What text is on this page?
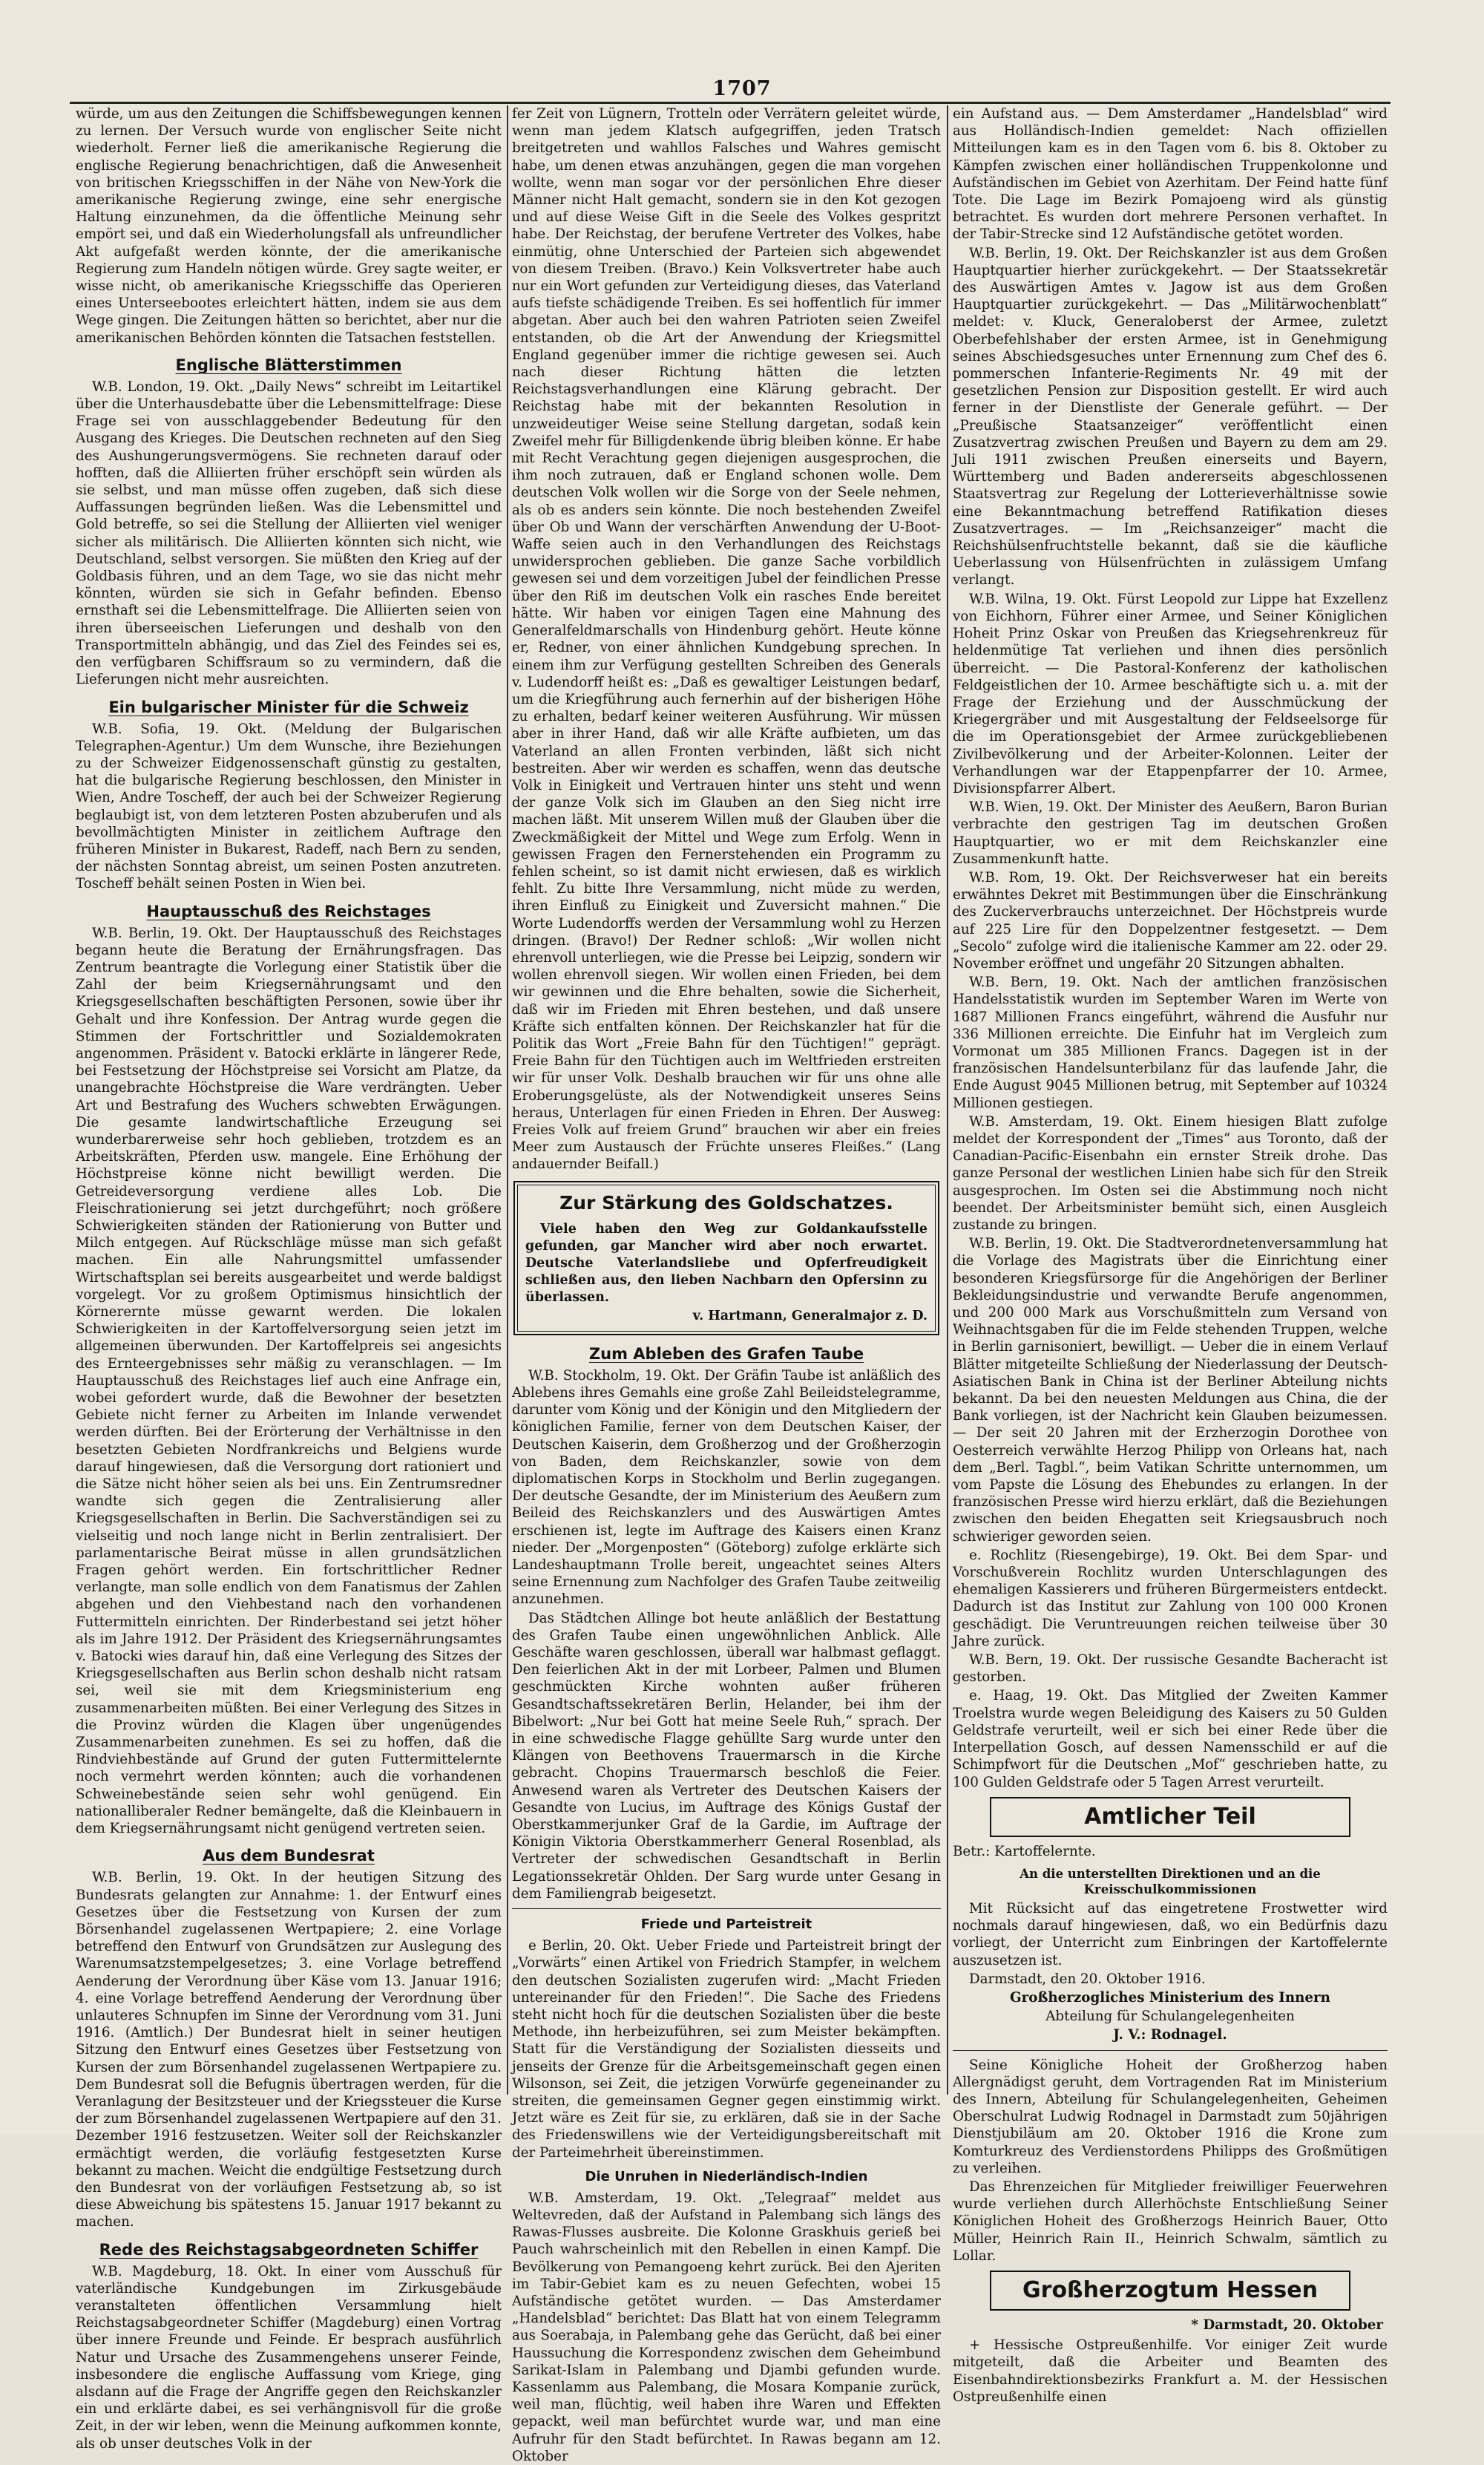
1707

würde, um aus den Zeitungen die Schiffsbewegungen kennen zu lernen. Der Versuch wurde von englischer Seite nicht wiederholt. Ferner ließ die amerikanische Regierung die englische Regierung benachrichtigen, daß die Anwesenheit von britischen Kriegsschiffen in der Nähe von New-York die amerikanische Regierung zwinge, eine sehr energische Haltung einzunehmen, da die öffentliche Meinung sehr empört sei, und daß ein Wiederholungsfall als unfreundlicher Akt aufgefaßt werden könnte, der die amerikanische Regierung zum Handeln nötigen würde. Grey sagte weiter, er wisse nicht, ob amerikanische Kriegsschiffe das Operieren eines Unterseebootes erleichtert hätten, indem sie aus dem Wege gingen. Die Zeitungen hätten so berichtet, aber nur die amerikanischen Behörden könnten die Tatsachen feststellen.

Englische Blätterstimmen

W.B. London, 19. Okt. „Daily News“ schreibt im Leitartikel über die Unterhausdebatte über die Lebensmittelfrage: Diese Frage sei von ausschlaggebender Bedeutung für den Ausgang des Krieges. Die Deutschen rechneten auf den Sieg des Aushungerungsvermögens. Sie rechneten darauf oder hofften, daß die Alliierten früher erschöpft sein würden als sie selbst, und man müsse offen zugeben, daß sich diese Auffassungen begründen ließen. Was die Lebensmittel und Gold betreffe, so sei die Stellung der Alliierten viel weniger sicher als militärisch. Die Alliierten könnten sich nicht, wie Deutschland, selbst versorgen. Sie müßten den Krieg auf der Goldbasis führen, und an dem Tage, wo sie das nicht mehr könnten, würden sie sich in Gefahr befinden. Ebenso ernsthaft sei die Lebensmittelfrage. Die Alliierten seien von ihren überseeischen Lieferungen und deshalb von den Transportmitteln abhängig, und das Ziel des Feindes sei es, den verfügbaren Schiffsraum so zu vermindern, daß die Lieferungen nicht mehr ausreichten.

Ein bulgarischer Minister für die Schweiz

W.B. Sofia, 19. Okt. (Meldung der Bulgarischen Telegraphen-Agentur.) Um dem Wunsche, ihre Beziehungen zu der Schweizer Eidgenossenschaft günstig zu gestalten, hat die bulgarische Regierung beschlossen, den Minister in Wien, Andre Toscheff, der auch bei der Schweizer Regierung beglaubigt ist, von dem letzteren Posten abzuberufen und als bevollmächtigten Minister in zeitlichem Auftrage den früheren Minister in Bukarest, Radeff, nach Bern zu senden, der nächsten Sonntag abreist, um seinen Posten anzutreten. Toscheff behält seinen Posten in Wien bei.

Hauptausschuß des Reichstages

W.B. Berlin, 19. Okt. Der Hauptausschuß des Reichstages begann heute die Beratung der Ernährungsfragen. Das Zentrum beantragte die Vorlegung einer Statistik über die Zahl der beim Kriegsernährungsamt und den Kriegsgesellschaften beschäftigten Personen, sowie über ihr Gehalt und ihre Konfession. Der Antrag wurde gegen die Stimmen der Fortschrittler und Sozialdemokraten angenommen. Präsident v. Batocki erklärte in längerer Rede, bei Festsetzung der Höchstpreise sei Vorsicht am Platze, da unangebrachte Höchstpreise die Ware verdrängten. Ueber Art und Bestrafung des Wuchers schwebten Erwägungen. Die gesamte landwirtschaftliche Erzeugung sei wunderbarerweise sehr hoch geblieben, trotzdem es an Arbeitskräften, Pferden usw. mangele. Eine Erhöhung der Höchstpreise könne nicht bewilligt werden. Die Getreideversorgung verdiene alles Lob. Die Fleischrationierung sei jetzt durchgeführt; noch größere Schwierigkeiten ständen der Rationierung von Butter und Milch entgegen. Auf Rückschläge müsse man sich gefaßt machen. Ein alle Nahrungsmittel umfassender Wirtschaftsplan sei bereits ausgearbeitet und werde baldigst vorgelegt. Vor zu großem Optimismus hinsichtlich der Körnerernte müsse gewarnt werden. Die lokalen Schwierigkeiten in der Kartoffelversorgung seien jetzt im allgemeinen überwunden. Der Kartoffelpreis sei angesichts des Ernteergebnisses sehr mäßig zu veranschlagen. — Im Hauptausschuß des Reichstages lief auch eine Anfrage ein, wobei gefordert wurde, daß die Bewohner der besetzten Gebiete nicht ferner zu Arbeiten im Inlande verwendet werden dürften. Bei der Erörterung der Verhältnisse in den besetzten Gebieten Nordfrankreichs und Belgiens wurde darauf hingewiesen, daß die Versorgung dort rationiert und die Sätze nicht höher seien als bei uns. Ein Zentrumsredner wandte sich gegen die Zentralisierung aller Kriegsgesellschaften in Berlin. Die Sachverständigen sei zu vielseitig und noch lange nicht in Berlin zentralisiert. Der parlamentarische Beirat müsse in allen grundsätzlichen Fragen gehört werden. Ein fortschrittlicher Redner verlangte, man solle endlich von dem Fanatismus der Zahlen abgehen und den Viehbestand nach den vorhandenen Futtermitteln einrichten. Der Rinderbestand sei jetzt höher als im Jahre 1912. Der Präsident des Kriegsernährungsamtes v. Batocki wies darauf hin, daß eine Verlegung des Sitzes der Kriegsgesellschaften aus Berlin schon deshalb nicht ratsam sei, weil sie mit dem Kriegsministerium eng zusammenarbeiten müßten. Bei einer Verlegung des Sitzes in die Provinz würden die Klagen über ungenügendes Zusammenarbeiten zunehmen. Es sei zu hoffen, daß die Rindviehbestände auf Grund der guten Futtermittelernte noch vermehrt werden könnten; auch die vorhandenen Schweinebestände seien sehr wohl genügend. Ein nationalliberaler Redner bemängelte, daß die Kleinbauern in dem Kriegsernährungsamt nicht genügend vertreten seien.

Aus dem Bundesrat

W.B. Berlin, 19. Okt. In der heutigen Sitzung des Bundesrats gelangten zur Annahme: 1. der Entwurf eines Gesetzes über die Festsetzung von Kursen der zum Börsenhandel zugelassenen Wertpapiere; 2. eine Vorlage betreffend den Entwurf von Grundsätzen zur Auslegung des Warenumsatzstempelgesetzes; 3. eine Vorlage betreffend Aenderung der Verordnung über Käse vom 13. Januar 1916; 4. eine Vorlage betreffend Aenderung der Verordnung über unlauteres Schnupfen im Sinne der Verordnung vom 31. Juni 1916. (Amtlich.) Der Bundesrat hielt in seiner heutigen Sitzung den Entwurf eines Gesetzes über Festsetzung von Kursen der zum Börsenhandel zugelassenen Wertpapiere zu. Dem Bundesrat soll die Befugnis übertragen werden, für die Veranlagung der Besitzsteuer und der Kriegssteuer die Kurse der zum Börsenhandel zugelassenen Wertpapiere auf den 31. Dezember 1916 festzusetzen. Weiter soll der Reichskanzler ermächtigt werden, die vorläufig festgesetzten Kurse bekannt zu machen. Weicht die endgültige Festsetzung durch den Bundesrat von der vorläufigen Festsetzung ab, so ist diese Abweichung bis spätestens 15. Januar 1917 bekannt zu machen.

Rede des Reichstagsabgeordneten Schiffer

W.B. Magdeburg, 18. Okt. In einer vom Ausschuß für vaterländische Kundgebungen im Zirkusgebäude veranstalteten öffentlichen Versammlung hielt Reichstagsabgeordneter Schiffer (Magdeburg) einen Vortrag über innere Freunde und Feinde. Er besprach ausführlich Natur und Ursache des Zusammengehens unserer Feinde, insbesondere die englische Auffassung vom Kriege, ging alsdann auf die Frage der Angriffe gegen den Reichskanzler ein und erklärte dabei, es sei verhängnisvoll für die große Zeit, in der wir leben, wenn die Meinung aufkommen konnte, als ob unser deutsches Volk in der

fer Zeit von Lügnern, Trotteln oder Verrätern geleitet würde, wenn man jedem Klatsch aufgegriffen, jeden Tratsch breitgetreten und wahllos Falsches und Wahres gemischt habe, um denen etwas anzuhängen, gegen die man vorgehen wollte, wenn man sogar vor der persönlichen Ehre dieser Männer nicht Halt gemacht, sondern sie in den Kot gezogen und auf diese Weise Gift in die Seele des Volkes gespritzt habe. Der Reichstag, der berufene Vertreter des Volkes, habe einmütig, ohne Unterschied der Parteien sich abgewendet von diesem Treiben. (Bravo.) Kein Volksvertreter habe auch nur ein Wort gefunden zur Verteidigung dieses, das Vaterland aufs tiefste schädigende Treiben. Es sei hoffentlich für immer abgetan. Aber auch bei den wahren Patrioten seien Zweifel entstanden, ob die Art der Anwendung der Kriegsmittel England gegenüber immer die richtige gewesen sei. Auch nach dieser Richtung hätten die letzten Reichstagsverhandlungen eine Klärung gebracht. Der Reichstag habe mit der bekannten Resolution in unzweideutiger Weise seine Stellung dargetan, sodaß kein Zweifel mehr für Billigdenkende übrig bleiben könne. Er habe mit Recht Verachtung gegen diejenigen ausgesprochen, die ihm noch zutrauen, daß er England schonen wolle. Dem deutschen Volk wollen wir die Sorge von der Seele nehmen, als ob es anders sein könnte. Die noch bestehenden Zweifel über Ob und Wann der verschärften Anwendung der U-Boot-Waffe seien auch in den Verhandlungen des Reichstags unwidersprochen geblieben. Die ganze Sache vorbildlich gewesen sei und dem vorzeitigen Jubel der feindlichen Presse über den Riß im deutschen Volk ein rasches Ende bereitet hätte. Wir haben vor einigen Tagen eine Mahnung des Generalfeldmarschalls von Hindenburg gehört. Heute könne er, Redner, von einer ähnlichen Kundgebung sprechen. In einem ihm zur Verfügung gestellten Schreiben des Generals v. Ludendorff heißt es: „Daß es gewaltiger Leistungen bedarf, um die Kriegführung auch fernerhin auf der bisherigen Höhe zu erhalten, bedarf keiner weiteren Ausführung. Wir müssen aber in ihrer Hand, daß wir alle Kräfte aufbieten, um das Vaterland an allen Fronten verbinden, läßt sich nicht bestreiten. Aber wir werden es schaffen, wenn das deutsche Volk in Einigkeit und Vertrauen hinter uns steht und wenn der ganze Volk sich im Glauben an den Sieg nicht irre machen läßt. Mit unserem Willen muß der Glauben über die Zweckmäßigkeit der Mittel und Wege zum Erfolg. Wenn in gewissen Fragen den Fernerstehenden ein Programm zu fehlen scheint, so ist damit nicht erwiesen, daß es wirklich fehlt. Zu bitte Ihre Versammlung, nicht müde zu werden, ihren Einfluß zu Einigkeit und Zuversicht mahnen.“ Die Worte Ludendorffs werden der Versammlung wohl zu Herzen dringen. (Bravo!) Der Redner schloß: „Wir wollen nicht ehrenvoll unterliegen, wie die Presse bei Leipzig, sondern wir wollen ehrenvoll siegen. Wir wollen einen Frieden, bei dem wir gewinnen und die Ehre behalten, sowie die Sicherheit, daß wir im Frieden mit Ehren bestehen, und daß unsere Kräfte sich entfalten können. Der Reichskanzler hat für die Politik das Wort „Freie Bahn für den Tüchtigen!“ geprägt. Freie Bahn für den Tüchtigen auch im Weltfrieden erstreiten wir für unser Volk. Deshalb brauchen wir für uns ohne alle Eroberungsgelüste, als der Notwendigkeit unseres Seins heraus, Unterlagen für einen Frieden in Ehren. Der Ausweg: Freies Volk auf freiem Grund“ brauchen wir aber ein freies Meer zum Austausch der Früchte unseres Fleißes.“ (Lang andauernder Beifall.)

Zur Stärkung des Goldschatzes.
Viele haben den Weg zur Goldankaufsstelle gefunden, gar Mancher wird aber noch erwartet. Deutsche Vaterlandsliebe und Opferfreudigkeit schließen aus, den lieben Nachbarn den Opfersinn zu überlassen.
v. Hartmann, Generalmajor z. D.
Zum Ableben des Grafen Taube

W.B. Stockholm, 19. Okt. Der Gräfin Taube ist anläßlich des Ablebens ihres Gemahls eine große Zahl Beileidstelegramme, darunter vom König und der Königin und den Mitgliedern der königlichen Familie, ferner von dem Deutschen Kaiser, der Deutschen Kaiserin, dem Großherzog und der Großherzogin von Baden, dem Reichskanzler, sowie von dem diplomatischen Korps in Stockholm und Berlin zugegangen. Der deutsche Gesandte, der im Ministerium des Aeußern zum Beileid des Reichskanzlers und des Auswärtigen Amtes erschienen ist, legte im Auftrage des Kaisers einen Kranz nieder. Der „Morgenposten“ (Göteborg) zufolge erklärte sich Landeshauptmann Trolle bereit, ungeachtet seines Alters seine Ernennung zum Nachfolger des Grafen Taube zeitweilig anzunehmen.

Das Städtchen Allinge bot heute anläßlich der Bestattung des Grafen Taube einen ungewöhnlichen Anblick. Alle Geschäfte waren geschlossen, überall war halbmast geflaggt. Den feierlichen Akt in der mit Lorbeer, Palmen und Blumen geschmückten Kirche wohnten außer früheren Gesandtschaftssekretären Berlin, Helander, bei ihm der Bibelwort: „Nur bei Gott hat meine Seele Ruh,“ sprach. Der in eine schwedische Flagge gehüllte Sarg wurde unter den Klängen von Beethovens Trauermarsch in die Kirche gebracht. Chopins Trauermarsch beschloß die Feier. Anwesend waren als Vertreter des Deutschen Kaisers der Gesandte von Lucius, im Auftrage des Königs Gustaf der Oberstkammerjunker Graf de la Gardie, im Auftrage der Königin Viktoria Oberstkammerherr General Rosenblad, als Vertreter der schwedischen Gesandtschaft in Berlin Legationssekretär Ohlden. Der Sarg wurde unter Gesang in dem Familiengrab beigesetzt.

Friede und Parteistreit

e Berlin, 20. Okt. Ueber Friede und Parteistreit bringt der „Vorwärts“ einen Artikel von Friedrich Stampfer, in welchem den deutschen Sozialisten zugerufen wird: „Macht Frieden untereinander für den Frieden!“. Die Sache des Friedens steht nicht hoch für die deutschen Sozialisten über die beste Methode, ihn herbeizuführen, sei zum Meister bekämpften. Statt für die Verständigung der Sozialisten diesseits und jenseits der Grenze für die Arbeitsgemeinschaft gegen einen Wilsonson, sei Zeit, die jetzigen Vorwürfe gegeneinander zu streiten, die gemeinsamen Gegner gegen einstimmig wirkt. Jetzt wäre es Zeit für sie, zu erklären, daß sie in der Sache des Friedenswillens wie der Verteidigungsbereitschaft mit der Parteimehrheit übereinstimmen.

Die Unruhen in Niederländisch-Indien

W.B. Amsterdam, 19. Okt. „Telegraaf“ meldet aus Weltevreden, daß der Aufstand in Palembang sich längs des Rawas-Flusses ausbreite. Die Kolonne Graskhuis gerieß bei Pauch wahrscheinlich mit den Rebellen in einen Kampf. Die Bevölkerung von Pemangoeng kehrt zurück. Bei den Ajeriten im Tabir-Gebiet kam es zu neuen Gefechten, wobei 15 Aufständische getötet wurden. — Das Amsterdamer „Handelsblad“ berichtet: Das Blatt hat von einem Telegramm aus Soerabaja, in Palembang gehe das Gerücht, daß bei einer Haussuchung die Korrespondenz zwischen dem Geheimbund Sarikat-Islam in Palembang und Djambi gefunden wurde. Kassenlamm aus Palembang, die Mosara Kompanie zurück, weil man, flüchtig, weil haben ihre Waren und Effekten gepackt, weil man befürchtet wurde war, und man eine Aufruhr für den Stadt befürchtet. In Rawas begann am 12. Oktober

ein Aufstand aus. — Dem Amsterdamer „Handelsblad“ wird aus Holländisch-Indien gemeldet: Nach offiziellen Mitteilungen kam es in den Tagen vom 6. bis 8. Oktober zu Kämpfen zwischen einer holländischen Truppenkolonne und Aufständischen im Gebiet von Azerhitam. Der Feind hatte fünf Tote. Die Lage im Bezirk Pomajoeng wird als günstig betrachtet. Es wurden dort mehrere Personen verhaftet. In der Tabir-Strecke sind 12 Aufständische getötet worden.

W.B. Berlin, 19. Okt. Der Reichskanzler ist aus dem Großen Hauptquartier hierher zurückgekehrt. — Der Staatssekretär des Auswärtigen Amtes v. Jagow ist aus dem Großen Hauptquartier zurückgekehrt. — Das „Militärwochenblatt“ meldet: v. Kluck, Generaloberst der Armee, zuletzt Oberbefehlshaber der ersten Armee, ist in Genehmigung seines Abschiedsgesuches unter Ernennung zum Chef des 6. pommerschen Infanterie-Regiments Nr. 49 mit der gesetzlichen Pension zur Disposition gestellt. Er wird auch ferner in der Dienstliste der Generale geführt. — Der „Preußische Staatsanzeiger“ veröffentlicht einen Zusatzvertrag zwischen Preußen und Bayern zu dem am 29. Juli 1911 zwischen Preußen einerseits und Bayern, Württemberg und Baden andererseits abgeschlossenen Staatsvertrag zur Regelung der Lotterieverhältnisse sowie eine Bekanntmachung betreffend Ratifikation dieses Zusatzvertrages. — Im „Reichsanzeiger“ macht die Reichshülsenfruchtstelle bekannt, daß sie die käufliche Ueberlassung von Hülsenfrüchten in zulässigem Umfang verlangt.

W.B. Wilna, 19. Okt. Fürst Leopold zur Lippe hat Exzellenz von Eichhorn, Führer einer Armee, und Seiner Königlichen Hoheit Prinz Oskar von Preußen das Kriegsehrenkreuz für heldenmütige Tat verliehen und ihnen dies persönlich überreicht. — Die Pastoral-Konferenz der katholischen Feldgeistlichen der 10. Armee beschäftigte sich u. a. mit der Frage der Erziehung und der Ausschmückung der Kriegergräber und mit Ausgestaltung der Feldseelsorge für die im Operationsgebiet der Armee zurückgebliebenen Zivilbevölkerung und der Arbeiter-Kolonnen. Leiter der Verhandlungen war der Etappenpfarrer der 10. Armee, Divisionspfarrer Albert.

W.B. Wien, 19. Okt. Der Minister des Aeußern, Baron Burian verbrachte den gestrigen Tag im deutschen Großen Hauptquartier, wo er mit dem Reichskanzler eine Zusammenkunft hatte.

W.B. Rom, 19. Okt. Der Reichsverweser hat ein bereits erwähntes Dekret mit Bestimmungen über die Einschränkung des Zuckerverbrauchs unterzeichnet. Der Höchstpreis wurde auf 225 Lire für den Doppelzentner festgesetzt. — Dem „Secolo“ zufolge wird die italienische Kammer am 22. oder 29. November eröffnet und ungefähr 20 Sitzungen abhalten.

W.B. Bern, 19. Okt. Nach der amtlichen französischen Handelsstatistik wurden im September Waren im Werte von 1687 Millionen Francs eingeführt, während die Ausfuhr nur 336 Millionen erreichte. Die Einfuhr hat im Vergleich zum Vormonat um 385 Millionen Francs. Dagegen ist in der französischen Handelsunterbilanz für das laufende Jahr, die Ende August 9045 Millionen betrug, mit September auf 10324 Millionen gestiegen.

W.B. Amsterdam, 19. Okt. Einem hiesigen Blatt zufolge meldet der Korrespondent der „Times“ aus Toronto, daß der Canadian-Pacific-Eisenbahn ein ernster Streik drohe. Das ganze Personal der westlichen Linien habe sich für den Streik ausgesprochen. Im Osten sei die Abstimmung noch nicht beendet. Der Arbeitsminister bemüht sich, einen Ausgleich zustande zu bringen.

W.B. Berlin, 19. Okt. Die Stadtverordnetenversammlung hat die Vorlage des Magistrats über die Einrichtung einer besonderen Kriegsfürsorge für die Angehörigen der Berliner Bekleidungsindustrie und verwandte Berufe angenommen, und 200 000 Mark aus Vorschußmitteln zum Versand von Weihnachtsgaben für die im Felde stehenden Truppen, welche in Berlin garnisoniert, bewilligt. — Ueber die in einem Verlauf Blätter mitgeteilte Schließung der Niederlassung der Deutsch-Asiatischen Bank in China ist der Berliner Abteilung nichts bekannt. Da bei den neuesten Meldungen aus China, die der Bank vorliegen, ist der Nachricht kein Glauben beizumessen. — Der seit 20 Jahren mit der Erzherzogin Dorothee von Oesterreich verwählte Herzog Philipp von Orleans hat, nach dem „Berl. Tagbl.“, beim Vatikan Schritte unternommen, um vom Papste die Lösung des Ehebundes zu erlangen. In der französischen Presse wird hierzu erklärt, daß die Beziehungen zwischen den beiden Ehegatten seit Kriegsausbruch noch schwieriger geworden seien.

e. Rochlitz (Riesengebirge), 19. Okt. Bei dem Spar- und Vorschußverein Rochlitz wurden Unterschlagungen des ehemaligen Kassierers und früheren Bürgermeisters entdeckt. Dadurch ist das Institut zur Zahlung von 100 000 Kronen geschädigt. Die Veruntreuungen reichen teilweise über 30 Jahre zurück.

W.B. Bern, 19. Okt. Der russische Gesandte Bacheracht ist gestorben.

e. Haag, 19. Okt. Das Mitglied der Zweiten Kammer Troelstra wurde wegen Beleidigung des Kaisers zu 50 Gulden Geldstrafe verurteilt, weil er sich bei einer Rede über die Interpellation Gosch, auf dessen Namensschild er auf die Schimpfwort für die Deutschen „Mof“ geschrieben hatte, zu 100 Gulden Geldstrafe oder 5 Tagen Arrest verurteilt.

Amtlicher Teil

Betr.: Kartoffelernte.

An die unterstellten Direktionen und an die Kreisschulkommissionen

Mit Rücksicht auf das eingetretene Frostwetter wird nochmals darauf hingewiesen, daß, wo ein Bedürfnis dazu vorliegt, der Unterricht zum Einbringen der Kartoffelernte auszusetzen ist.

Darmstadt, den 20. Oktober 1916.

Großherzogliches Ministerium des Innern

Abteilung für Schulangelegenheiten

J. V.: Rodnagel.

Seine Königliche Hoheit der Großherzog haben Allergnädigst geruht, dem Vortragenden Rat im Ministerium des Innern, Abteilung für Schulangelegenheiten, Geheimen Oberschulrat Ludwig Rodnagel in Darmstadt zum 50jährigen Dienstjubiläum am 20. Oktober 1916 die Krone zum Komturkreuz des Verdienstordens Philipps des Großmütigen zu verleihen.

Das Ehrenzeichen für Mitglieder freiwilliger Feuerwehren wurde verliehen durch Allerhöchste Entschließung Seiner Königlichen Hoheit des Großherzogs Heinrich Bauer, Otto Müller, Heinrich Rain II., Heinrich Schwalm, sämtlich zu Lollar.

Großherzogtum Hessen
* Darmstadt, 20. Oktober

+ Hessische Ostpreußenhilfe. Vor einiger Zeit wurde mitgeteilt, daß die Arbeiter und Beamten des Eisenbahndirektionsbezirks Frankfurt a. M. der Hessischen Ostpreußenhilfe einen
